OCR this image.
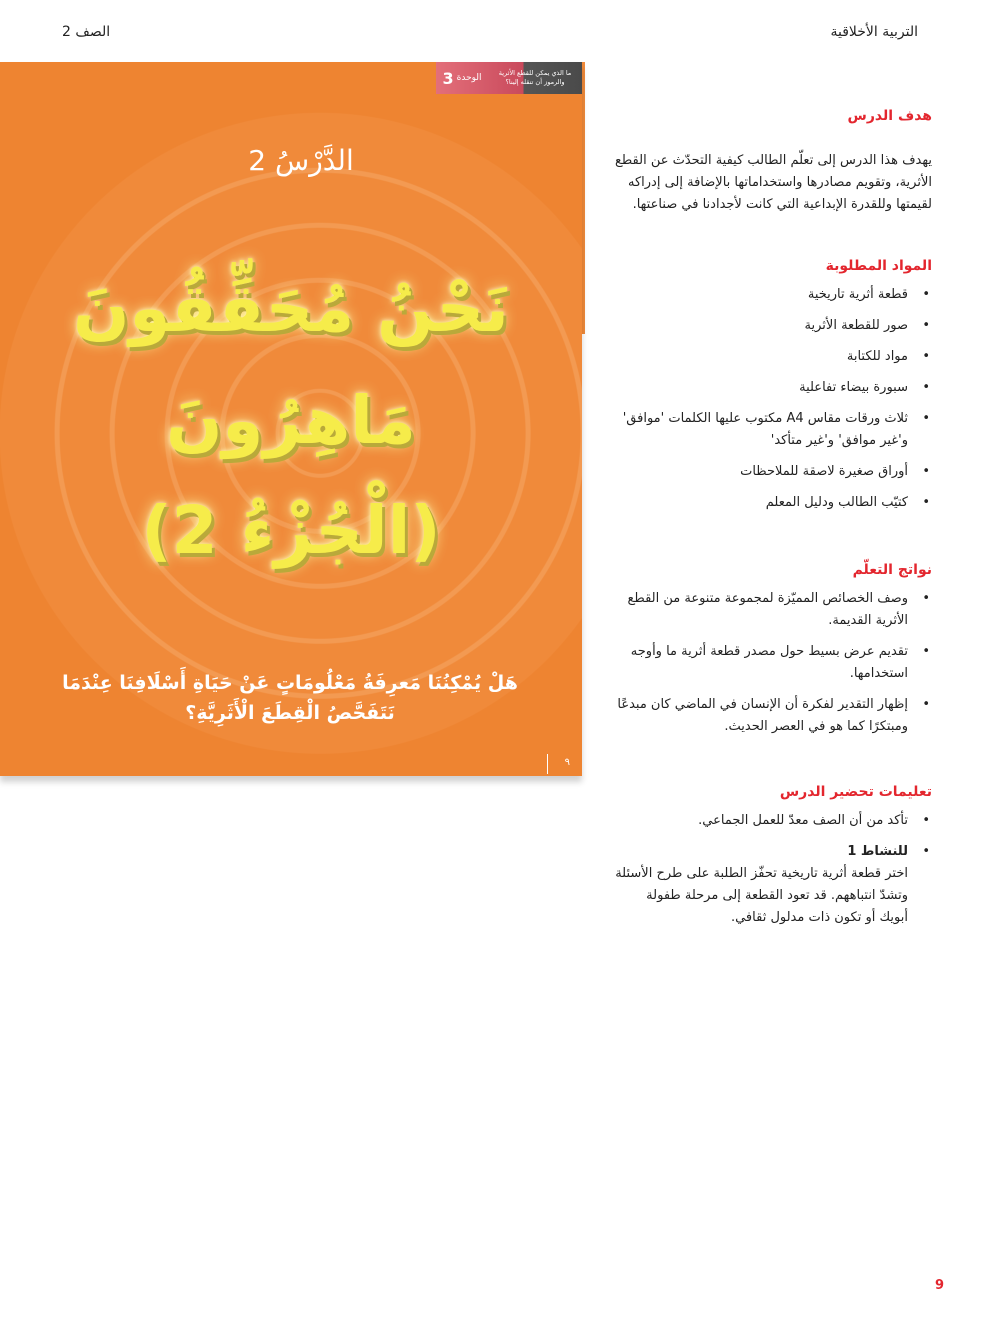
التربية الأخلاقية
الصف 2
الوحدة
3	ما الذي يمكن للقطع الأثرية والرموز أن تنقله إلينا؟
الدَّرْسُ 2
نَحْنُ مُحَقِّقُونَ
مَاهِرُونَ
(الْجُزْءُ 2)
هَلْ يُمْكِنُنَا مَعرِفَةُ مَعْلُومَاتٍ عَنْ حَيَاةِ أَسْلَافِنَا عِنْدَمَا نَتَفَحَّصُ الْقِطَعَ الْأَثَرِيَّةِ؟
٩
هدف الدرس

يهدف هذا الدرس إلى تعلّم الطالب كيفية التحدّث عن القطع الأثرية، وتقويم مصادرها واستخداماتها بالإضافة إلى إدراكه لقيمتها وللقدرة الإبداعية التي كانت لأجدادنا في صناعتها.

المواد المطلوبة
• قطعة أثرية تاريخية
• صور للقطعة الأثرية
• مواد للكتابة
• سبورة بيضاء تفاعلية
• ثلاث ورقات مقاس A4 مكتوب عليها الكلمات 'موافق' و'غير موافق' و'غير متأكد'
• أوراق صغيرة لاصقة للملاحظات
• كتيّب الطالب ودليل المعلم
نواتج التعلّم
• وصف الخصائص المميّزة لمجموعة متنوعة من القطع الأثرية القديمة.
• تقديم عرض بسيط حول مصدر قطعة أثرية ما وأوجه استخدامها.
• إظهار التقدير لفكرة أن الإنسان في الماضي كان مبدعًا ومبتكرًا كما هو في العصر الحديث.
تعليمات تحضير الدرس
• تأكد من أن الصف معدّ للعمل الجماعي.
• للنشاط 1
اختر قطعة أثرية تاريخية تحفّز الطلبة على طرح الأسئلة وتشدّ انتباههم. قد تعود القطعة إلى مرحلة طفولة أبويك أو تكون ذات مدلول ثقافي.
9
